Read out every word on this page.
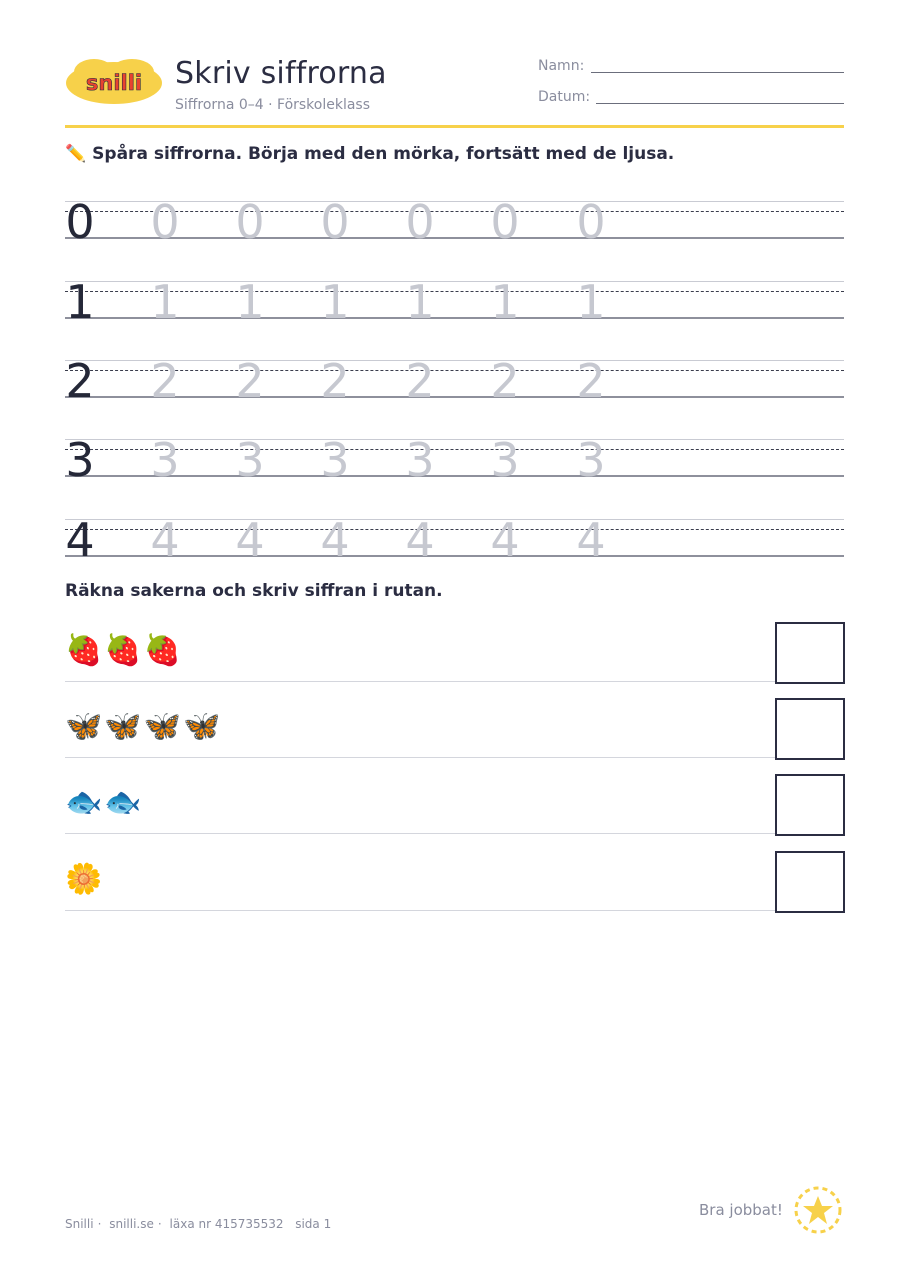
snilli Skriv siffrorna
Siffrorna 0–4 · Förskoleklass
Namn:
Datum:
✏️ Spåra siffrorna. Börja med den mörka, fortsätt med de ljusa.
0 0 0 0 0 0 0
1 1 1 1 1 1 1
2 2 2 2 2 2 2
3 3 3 3 3 3 3
4 4 4 4 4 4 4
Räkna sakerna och skriv siffran i rutan.
🍓🍓🍓
🦋🦋🦋🦋
🐟🐟
🌼
Snilli · snilli.se · läxa nr 415735532 sida 1
Bra jobbat!
